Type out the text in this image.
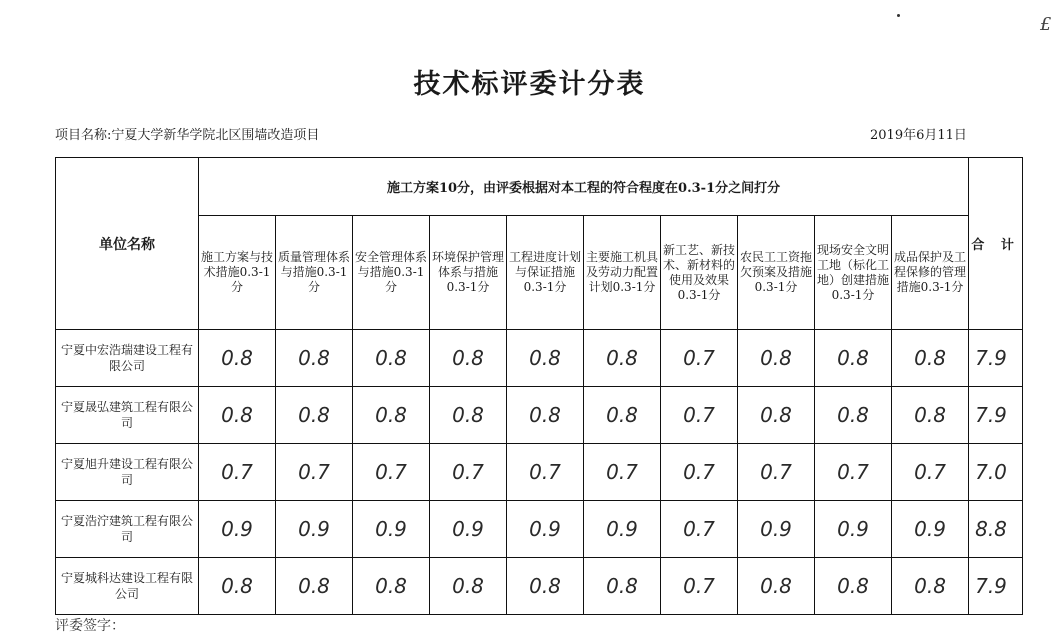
£
技术标评委计分表
项目名称:宁夏大学新华学院北区围墙改造项目	2019年6月11日
单位名称	施工方案10分，由评委根据对本工程的符合程度在0.3-1分之间打分										合 计
	施工方案与技术措施0.3-1分	质量管理体系与措施0.3-1分	安全管理体系与措施0.3-1分	环境保护管理体系与措施0.3-1分	工程进度计划与保证措施0.3-1分	主要施工机具及劳动力配置计划0.3-1分	新工艺、新技术、新材料的使用及效果0.3-1分	农民工工资拖欠预案及措施0.3-1分	现场安全文明工地（标化工地）创建措施0.3-1分	成品保护及工程保修的管理措施0.3-1分	
宁夏中宏浩瑞建设工程有限公司	0.8	0.8	0.8	0.8	0.8	0.8	0.7	0.8	0.8	0.8	7.9
宁夏晟弘建筑工程有限公司	0.8	0.8	0.8	0.8	0.8	0.8	0.7	0.8	0.8	0.8	7.9
宁夏旭升建设工程有限公司	0.7	0.7	0.7	0.7	0.7	0.7	0.7	0.7	0.7	0.7	7.0
宁夏浩泞建筑工程有限公司	0.9	0.9	0.9	0.9	0.9	0.9	0.7	0.9	0.9	0.9	8.8
宁夏城科达建设工程有限公司	0.8	0.8	0.8	0.8	0.8	0.8	0.7	0.8	0.8	0.8	7.9
评委签字：
